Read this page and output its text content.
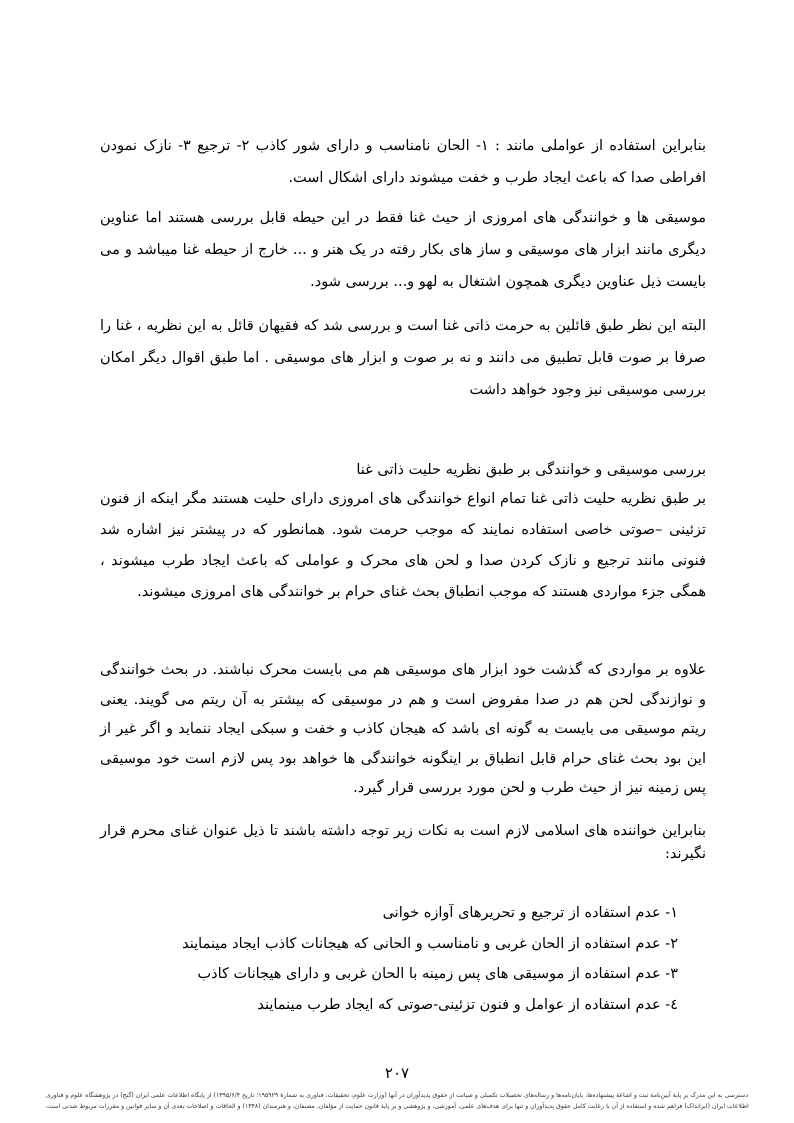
بنابراین استفاده از عواملی مانند : ۱- الحان نامناسب و دارای شور کاذب ۲- ترجیع ۳- نازک نمودن افراطی صدا که باعث ایجاد طرب و خفت میشوند دارای اشکال است.

موسیقی ها و خوانندگی های امروزی از حیث غنا فقط در این حیطه قابل بررسی هستند اما عناوین دیگری مانند ابزار های موسیقی و ساز های بکار رفته در یک هنر و ... خارج از حیطه غنا میباشد و می بایست ذیل عناوین دیگری همچون اشتغال به لهو و... بررسی شود.

البته این نظر طبق قائلین به حرمت ذاتی غنا است و بررسی شد که فقیهان قائل به این نظریه ، غنا را صرفا بر صوت قابل تطبیق می دانند و نه بر صوت و ابزار های موسیقی . اما طبق اقوال دیگر امکان بررسی موسیقی نیز وجود خواهد داشت

بررسی موسیقی و خوانندگی بر طبق نظریه حلیت ذاتی غنا

بر طبق نظریه حلیت ذاتی غنا تمام انواع خوانندگی های امروزی دارای حلیت هستند مگر اینکه از فنون تزئینی –صوتی خاصی استفاده نمایند که موجب حرمت شود. همانطور که در پیشتر نیز اشاره شد فنونی مانند ترجیع و نازک کردن صدا و لحن های محرک و عواملی که باعث ایجاد طرب میشوند ، همگی جزء مواردی هستند که موجب انطباق بحث غنای حرام بر خوانندگی های امروزی میشوند.

علاوه بر مواردی که گذشت خود ابزار های موسیقی هم می بایست محرک نباشند. در بحث خوانندگی و نوازندگی لحن هم در صدا مفروض است و هم در موسیقی که بیشتر به آن ریتم می گویند. یعنی ریتم موسیقی می بایست به گونه ای باشد که هیجان کاذب و خفت و سبکی ایجاد ننماید و اگر غیر از این بود بحث غنای حرام قابل انطباق بر اینگونه خوانندگی ها خواهد بود پس لازم است خود موسیقی پس زمینه نیز از حیث طرب و لحن مورد بررسی قرار گیرد.

بنابراین خواننده های اسلامی لازم است به نکات زیر توجه داشته باشند تا ذیل عنوان غنای محرم قرار نگیرند:

۱- عدم استفاده از ترجیع و تحریرهای آوازه خوانی
۲- عدم استفاده از الحان غربی و نامناسب و الحانی که هیجانات کاذب ایجاد مینمایند
۳- عدم استفاده از موسیقی های پس زمینه با الحان غربی و دارای هیجانات کاذب
٤- عدم استفاده از عوامل و فنون تزئینی-صوتی که ایجاد طرب مینمایند
۲۰۷
دسترسی به این مدرک بر پایهٔ آیین‌نامهٔ ثبت و اشاعهٔ پیشنهاده‌ها، پایان‌نامه‌ها و رساله‌های تحصیلات تکمیلی و صیانت از حقوق پدیدآوران در آنها (وزارت علوم، تحقیقات، فناوری به شمارهٔ ۱۹۵۹۲۹؛ تاریخ ۱۳۹۵/۶/۴) از پایگاه اطلاعات علمی ایران (گنج) در پژوهشگاه علوم و فناوری
اطلاعات ایران (ایرانداک) فراهم شده و استفاده از آن با رعایت کامل حقوق پدیدآوران و تنها برای هدف‌های علمی، آموزشی، و پژوهشی و بر پایهٔ قانون حمایت از مؤلفان، مصنفان، و هنرمندان (۱۳۴۸) و الحاقات و اصلاحات بعدی آن و سایر قوانین و مقررات مربوط شدنی است.
